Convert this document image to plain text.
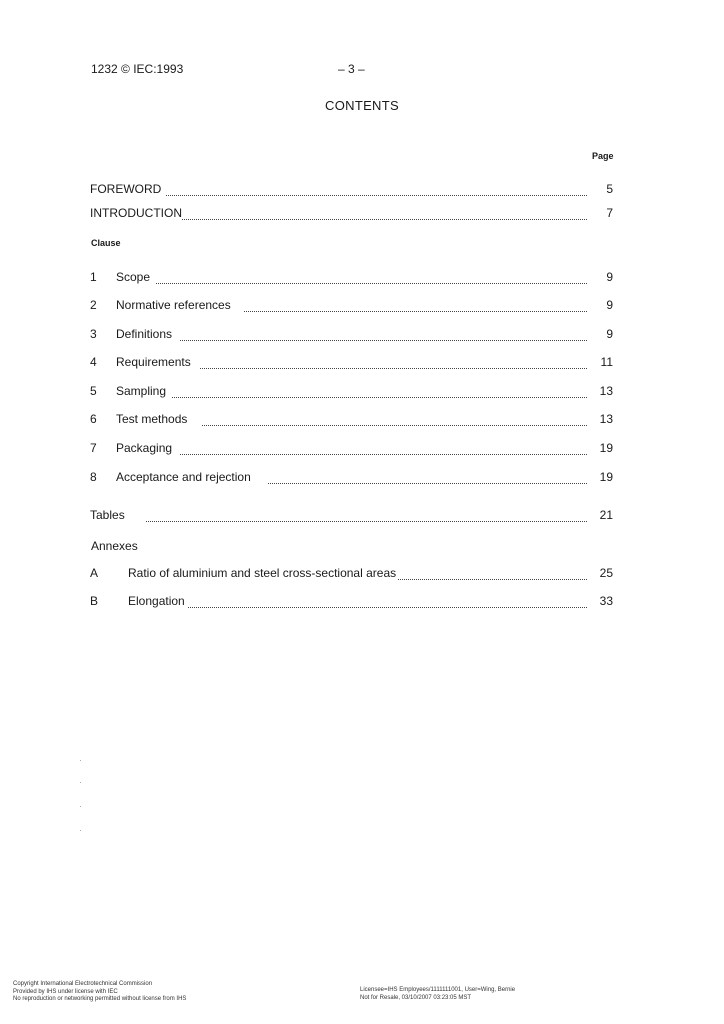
1232 © IEC:1993	– 3 –
CONTENTS
Page
FOREWORD	5
INTRODUCTION	7
Clause
1 Scope	9
2 Normative references	9
3 Definitions	9
4 Requirements	11
5 Sampling	13
6 Test methods	13
7 Packaging	19
8 Acceptance and rejection	19
Tables	21
Annexes
A Ratio of aluminium and steel cross-sectional areas	25
B Elongation	33
Copyright International Electrotechnical Commission
Provided by IHS under license with IEC
No reproduction or networking permitted without license from IHS
Licensee=IHS Employees/1111111001, User=Wing, Bernie
Not for Resale, 03/10/2007 03:23:05 MST
